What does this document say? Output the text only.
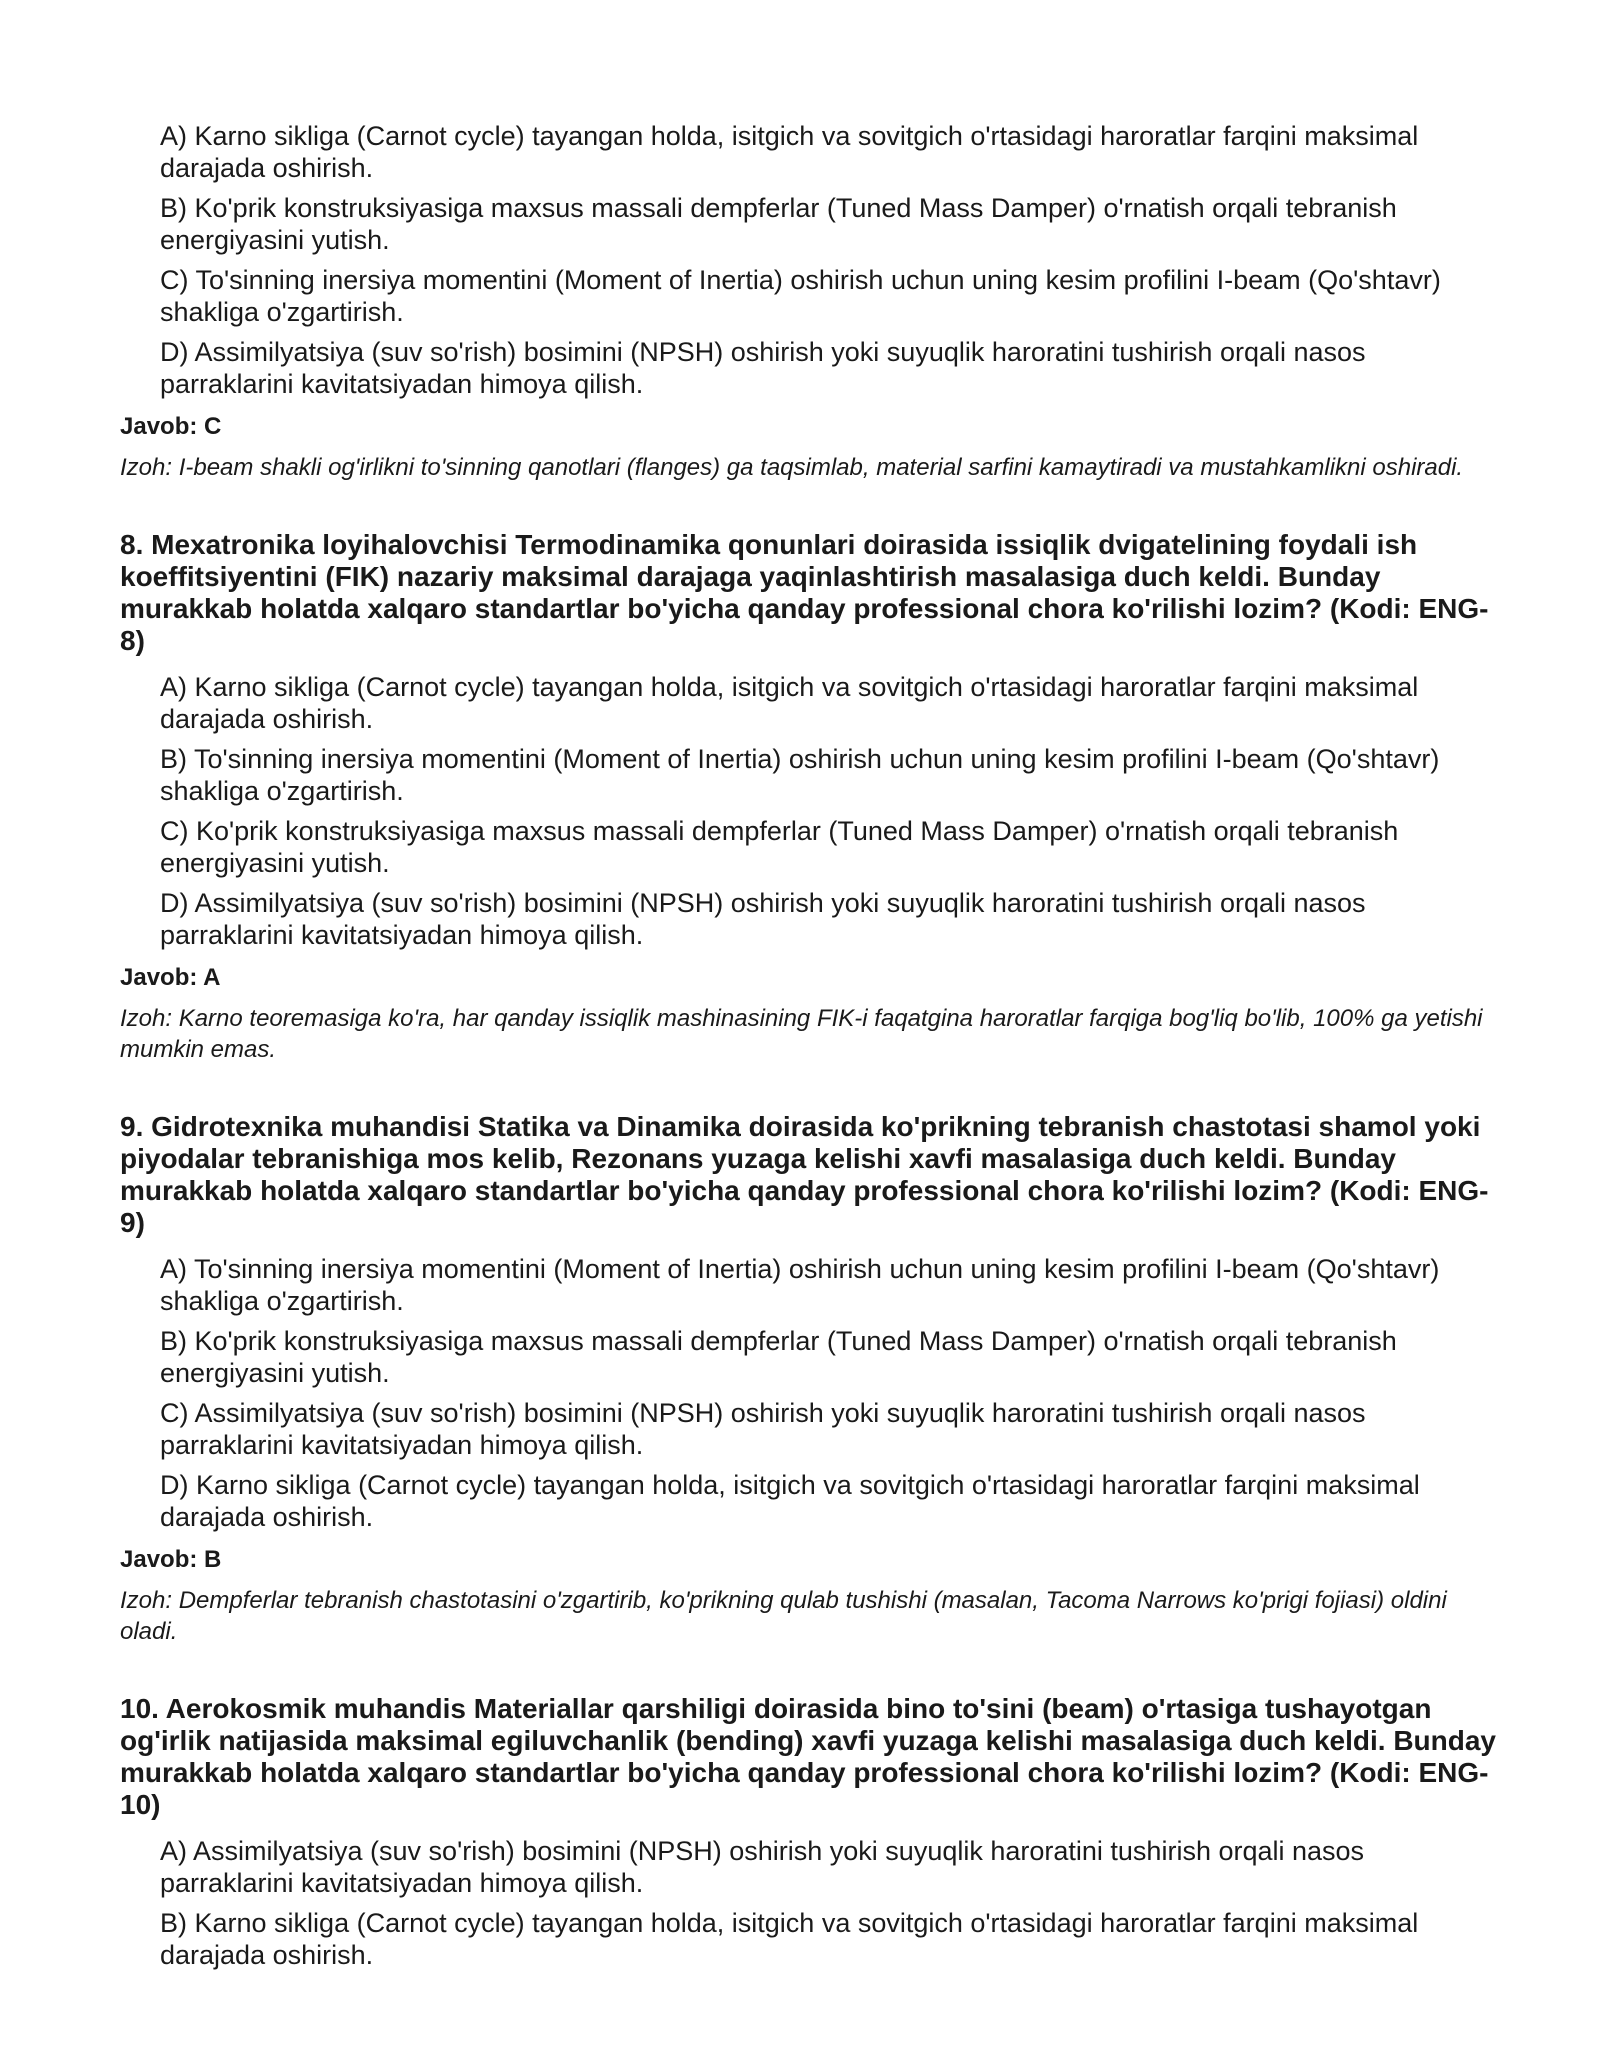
A) Karno sikliga (Carnot cycle) tayangan holda, isitgich va sovitgich o'rtasidagi haroratlar farqini maksimal darajada oshirish.
B) Ko'prik konstruksiyasiga maxsus massali dempferlar (Tuned Mass Damper) o'rnatish orqali tebranish energiyasini yutish.
C) To'sinning inersiya momentini (Moment of Inertia) oshirish uchun uning kesim profilini I-beam (Qo'shtavr) shakliga o'zgartirish.
D) Assimilyatsiya (suv so'rish) bosimini (NPSH) oshirish yoki suyuqlik haroratini tushirish orqali nasos parraklarini kavitatsiyadan himoya qilish.
Javob: C
Izoh: I-beam shakli og'irlikni to'sinning qanotlari (flanges) ga taqsimlab, material sarfini kamaytiradi va mustahkamlikni oshiradi.
8. Mexatronika loyihalovchisi Termodinamika qonunlari doirasida issiqlik dvigatelining foydali ish koeffitsiyentini (FIK) nazariy maksimal darajaga yaqinlashtirish masalasiga duch keldi. Bunday murakkab holatda xalqaro standartlar bo'yicha qanday professional chora ko'rilishi lozim? (Kodi: ENG-8)
A) Karno sikliga (Carnot cycle) tayangan holda, isitgich va sovitgich o'rtasidagi haroratlar farqini maksimal darajada oshirish.
B) To'sinning inersiya momentini (Moment of Inertia) oshirish uchun uning kesim profilini I-beam (Qo'shtavr) shakliga o'zgartirish.
C) Ko'prik konstruksiyasiga maxsus massali dempferlar (Tuned Mass Damper) o'rnatish orqali tebranish energiyasini yutish.
D) Assimilyatsiya (suv so'rish) bosimini (NPSH) oshirish yoki suyuqlik haroratini tushirish orqali nasos parraklarini kavitatsiyadan himoya qilish.
Javob: A
Izoh: Karno teoremasiga ko'ra, har qanday issiqlik mashinasining FIK-i faqatgina haroratlar farqiga bog'liq bo'lib, 100% ga yetishi mumkin emas.
9. Gidrotexnika muhandisi Statika va Dinamika doirasida ko'prikning tebranish chastotasi shamol yoki piyodalar tebranishiga mos kelib, Rezonans yuzaga kelishi xavfi masalasiga duch keldi. Bunday murakkab holatda xalqaro standartlar bo'yicha qanday professional chora ko'rilishi lozim? (Kodi: ENG-9)
A) To'sinning inersiya momentini (Moment of Inertia) oshirish uchun uning kesim profilini I-beam (Qo'shtavr) shakliga o'zgartirish.
B) Ko'prik konstruksiyasiga maxsus massali dempferlar (Tuned Mass Damper) o'rnatish orqali tebranish energiyasini yutish.
C) Assimilyatsiya (suv so'rish) bosimini (NPSH) oshirish yoki suyuqlik haroratini tushirish orqali nasos parraklarini kavitatsiyadan himoya qilish.
D) Karno sikliga (Carnot cycle) tayangan holda, isitgich va sovitgich o'rtasidagi haroratlar farqini maksimal darajada oshirish.
Javob: B
Izoh: Dempferlar tebranish chastotasini o'zgartirib, ko'prikning qulab tushishi (masalan, Tacoma Narrows ko'prigi fojiasi) oldini oladi.
10. Aerokosmik muhandis Materiallar qarshiligi doirasida bino to'sini (beam) o'rtasiga tushayotgan og'irlik natijasida maksimal egiluvchanlik (bending) xavfi yuzaga kelishi masalasiga duch keldi. Bunday murakkab holatda xalqaro standartlar bo'yicha qanday professional chora ko'rilishi lozim? (Kodi: ENG-10)
A) Assimilyatsiya (suv so'rish) bosimini (NPSH) oshirish yoki suyuqlik haroratini tushirish orqali nasos parraklarini kavitatsiyadan himoya qilish.
B) Karno sikliga (Carnot cycle) tayangan holda, isitgich va sovitgich o'rtasidagi haroratlar farqini maksimal darajada oshirish.
